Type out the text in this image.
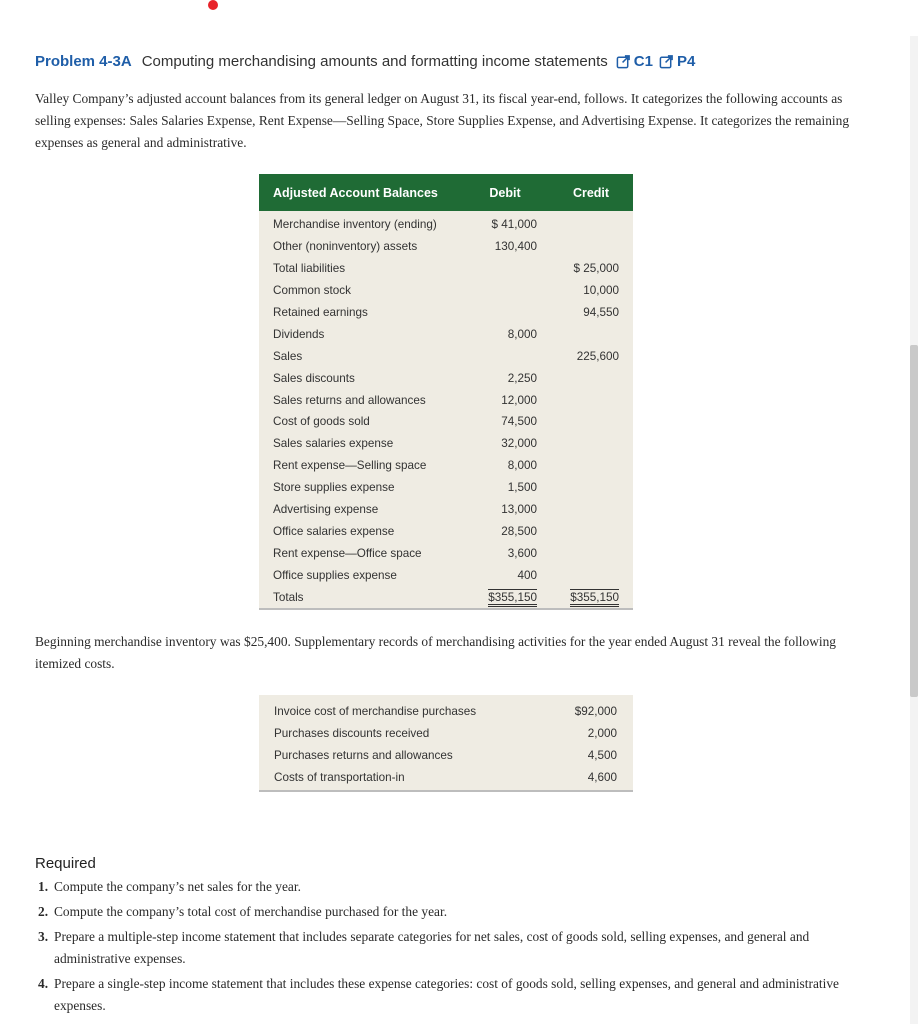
Problem 4-3A Computing merchandising amounts and formatting income statements C1 P4
Valley Company’s adjusted account balances from its general ledger on August 31, its fiscal year-end, follows. It categorizes the following accounts as selling expenses: Sales Salaries Expense, Rent Expense—Selling Space, Store Supplies Expense, and Advertising Expense. It categorizes the remaining expenses as general and administrative.
Adjusted Account Balances	Debit	Credit
Merchandise inventory (ending)	$ 41,000	
Other (noninventory) assets	130,400	
Total liabilities		$ 25,000
Common stock		10,000
Retained earnings		94,550
Dividends	8,000	
Sales		225,600
Sales discounts	2,250	
Sales returns and allowances	12,000	
Cost of goods sold	74,500	
Sales salaries expense	32,000	
Rent expense—Selling space	8,000	
Store supplies expense	1,500	
Advertising expense	13,000	
Office salaries expense	28,500	
Rent expense—Office space	3,600	
Office supplies expense	400	
Totals	$355,150	$355,150
Beginning merchandise inventory was $25,400. Supplementary records of merchandising activities for the year ended August 31 reveal the following itemized costs.
Invoice cost of merchandise purchases	$92,000
Purchases discounts received	2,000
Purchases returns and allowances	4,500
Costs of transportation-in	4,600
Required
1. Compute the company’s net sales for the year.
2. Compute the company’s total cost of merchandise purchased for the year.
3. Prepare a multiple-step income statement that includes separate categories for net sales, cost of goods sold, selling expenses, and general and administrative expenses.
4. Prepare a single-step income statement that includes these expense categories: cost of goods sold, selling expenses, and general and administrative expenses.
